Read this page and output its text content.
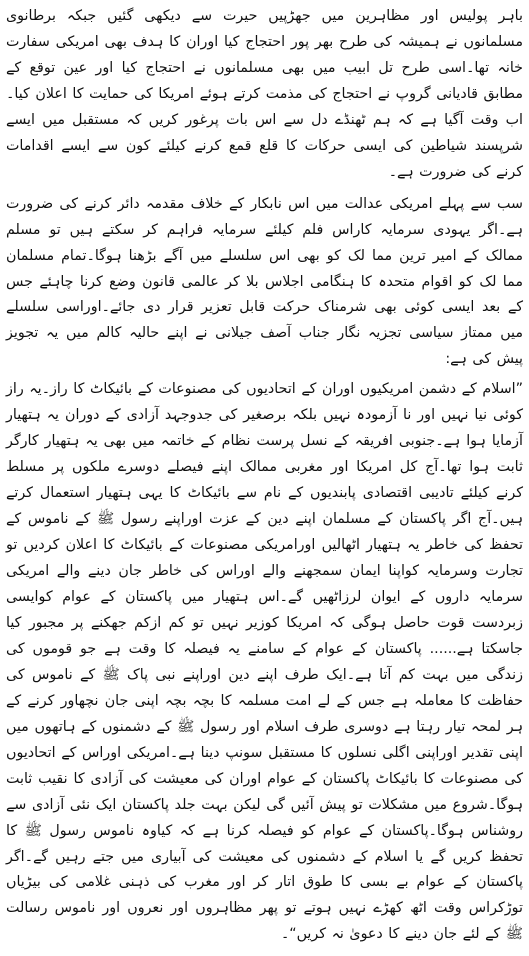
باہر پولیس اور مظاہرین میں جھڑپیں حیرت سے دیکھی گئیں جبکہ برطانوی مسلمانوں نے ہمیشہ کی طرح بھر پور احتجاج کیا اوران کا ہدف بھی امریکی سفارت خانہ تھا۔اسی طرح تل ابیب میں بھی مسلمانوں نے احتجاج کیا اور عین توقع کے مطابق قادیانی گروپ نے احتجاج کی مذمت کرتے ہوئے امریکا کی حمایت کا اعلان کیا۔اب وقت آگیا ہے کہ ہم ٹھنڈے دل سے اس بات پرغور کریں کہ مستقبل میں ایسے شرپسند شیاطین کی ایسی حرکات کا قلع قمع کرنے کیلئے کون سے ایسے اقدامات کرنے کی ضرورت ہے۔

سب سے پہلے امریکی عدالت میں اس نابکار کے خلاف مقدمہ دائر کرنے کی ضرورت ہے۔اگر یہودی سرمایہ کاراس فلم کیلئے سرمایہ فراہم کر سکتے ہیں تو مسلم ممالک کے امیر ترین مما لک کو بھی اس سلسلے میں آگے بڑھنا ہوگا۔تمام مسلمان مما لک کو اقوام متحدہ کا ہنگامی اجلاس بلا کر عالمی قانون وضع کرنا چاہئے جس کے بعد ایسی کوئی بھی شرمناک حرکت قابل تعزیر قرار دی جائے۔اوراسی سلسلے میں ممتاز سیاسی تجزیہ نگار جناب آصف جیلانی نے اپنے حالیہ کالم میں یہ تجویز پیش کی ہے:

”اسلام کے دشمن امریکیوں اوران کے اتحادیوں کی مصنوعات کے بائیکاٹ کا راز۔یہ راز کوئی نیا نہیں اور نا آزمودہ نہیں بلکہ برصغیر کی جدوجہد آزادی کے دوران یہ ہتھیار آزمایا ہوا ہے۔جنوبی افریقہ کے نسل پرست نظام کے خاتمہ میں بھی یہ ہتھیار کارگر ثابت ہوا تھا۔آج کل امریکا اور مغربی ممالک اپنے فیصلے دوسرے ملکوں پر مسلط کرنے کیلئے تادیبی اقتصادی پابندیوں کے نام سے بائیکاٹ کا یہی ہتھیار استعمال کرتے ہیں۔آج اگر پاکستان کے مسلمان اپنے دین کے عزت اوراپنے رسول ﷺ کے ناموس کے تحفظ کی خاطر یہ ہتھیار اٹھالیں اورامریکی مصنوعات کے بائیکاٹ کا اعلان کردیں تو تجارت وسرمایہ کواپنا ایمان سمجھنے والے اوراس کی خاطر جان دینے والے امریکی سرمایہ داروں کے ایوان لرزاٹھیں گے۔اس ہتھیار میں پاکستان کے عوام کوایسی زبردست قوت حاصل ہوگی کہ امریکا کوزیر نہیں تو کم ازکم جھکنے پر مجبور کیا جاسکتا ہے...... پاکستان کے عوام کے سامنے یہ فیصلہ کا وقت ہے جو قوموں کی زندگی میں بہت کم آتا ہے۔ایک طرف اپنے دین اوراپنے نبی پاک ﷺ کے ناموس کی حفاظت کا معاملہ ہے جس کے لے امت مسلمہ کا بچہ بچہ اپنی جان نچھاور کرنے کے ہر لمحہ تیار رہتا ہے دوسری طرف اسلام اور رسول ﷺ کے دشمنوں کے ہاتھوں میں اپنی تقدیر اوراپنی اگلی نسلوں کا مستقبل سونپ دینا ہے۔امریکی اوراس کے اتحادیوں کی مصنوعات کا بائیکاٹ پاکستان کے عوام اوران کی معیشت کی آزادی کا نقیب ثابت ہوگا۔شروع میں مشکلات تو پیش آئیں گی لیکن بہت جلد پاکستان ایک نئی آزادی سے روشناس ہوگا۔پاکستان کے عوام کو فیصلہ کرنا ہے کہ کیاوہ ناموس رسول ﷺ کا تحفظ کریں گے یا اسلام کے دشمنوں کی معیشت کی آبیاری میں جتے رہیں گے۔اگر پاکستان کے عوام بے بسی کا طوق اتار کر اور مغرب کی ذہنی غلامی کی بیڑیاں توڑکراس وقت اٹھ کھڑے نہیں ہوتے تو پھر مظاہروں اور نعروں اور ناموس رسالت ﷺ کے لئے جان دینے کا دعویٰ نہ کریں“۔
